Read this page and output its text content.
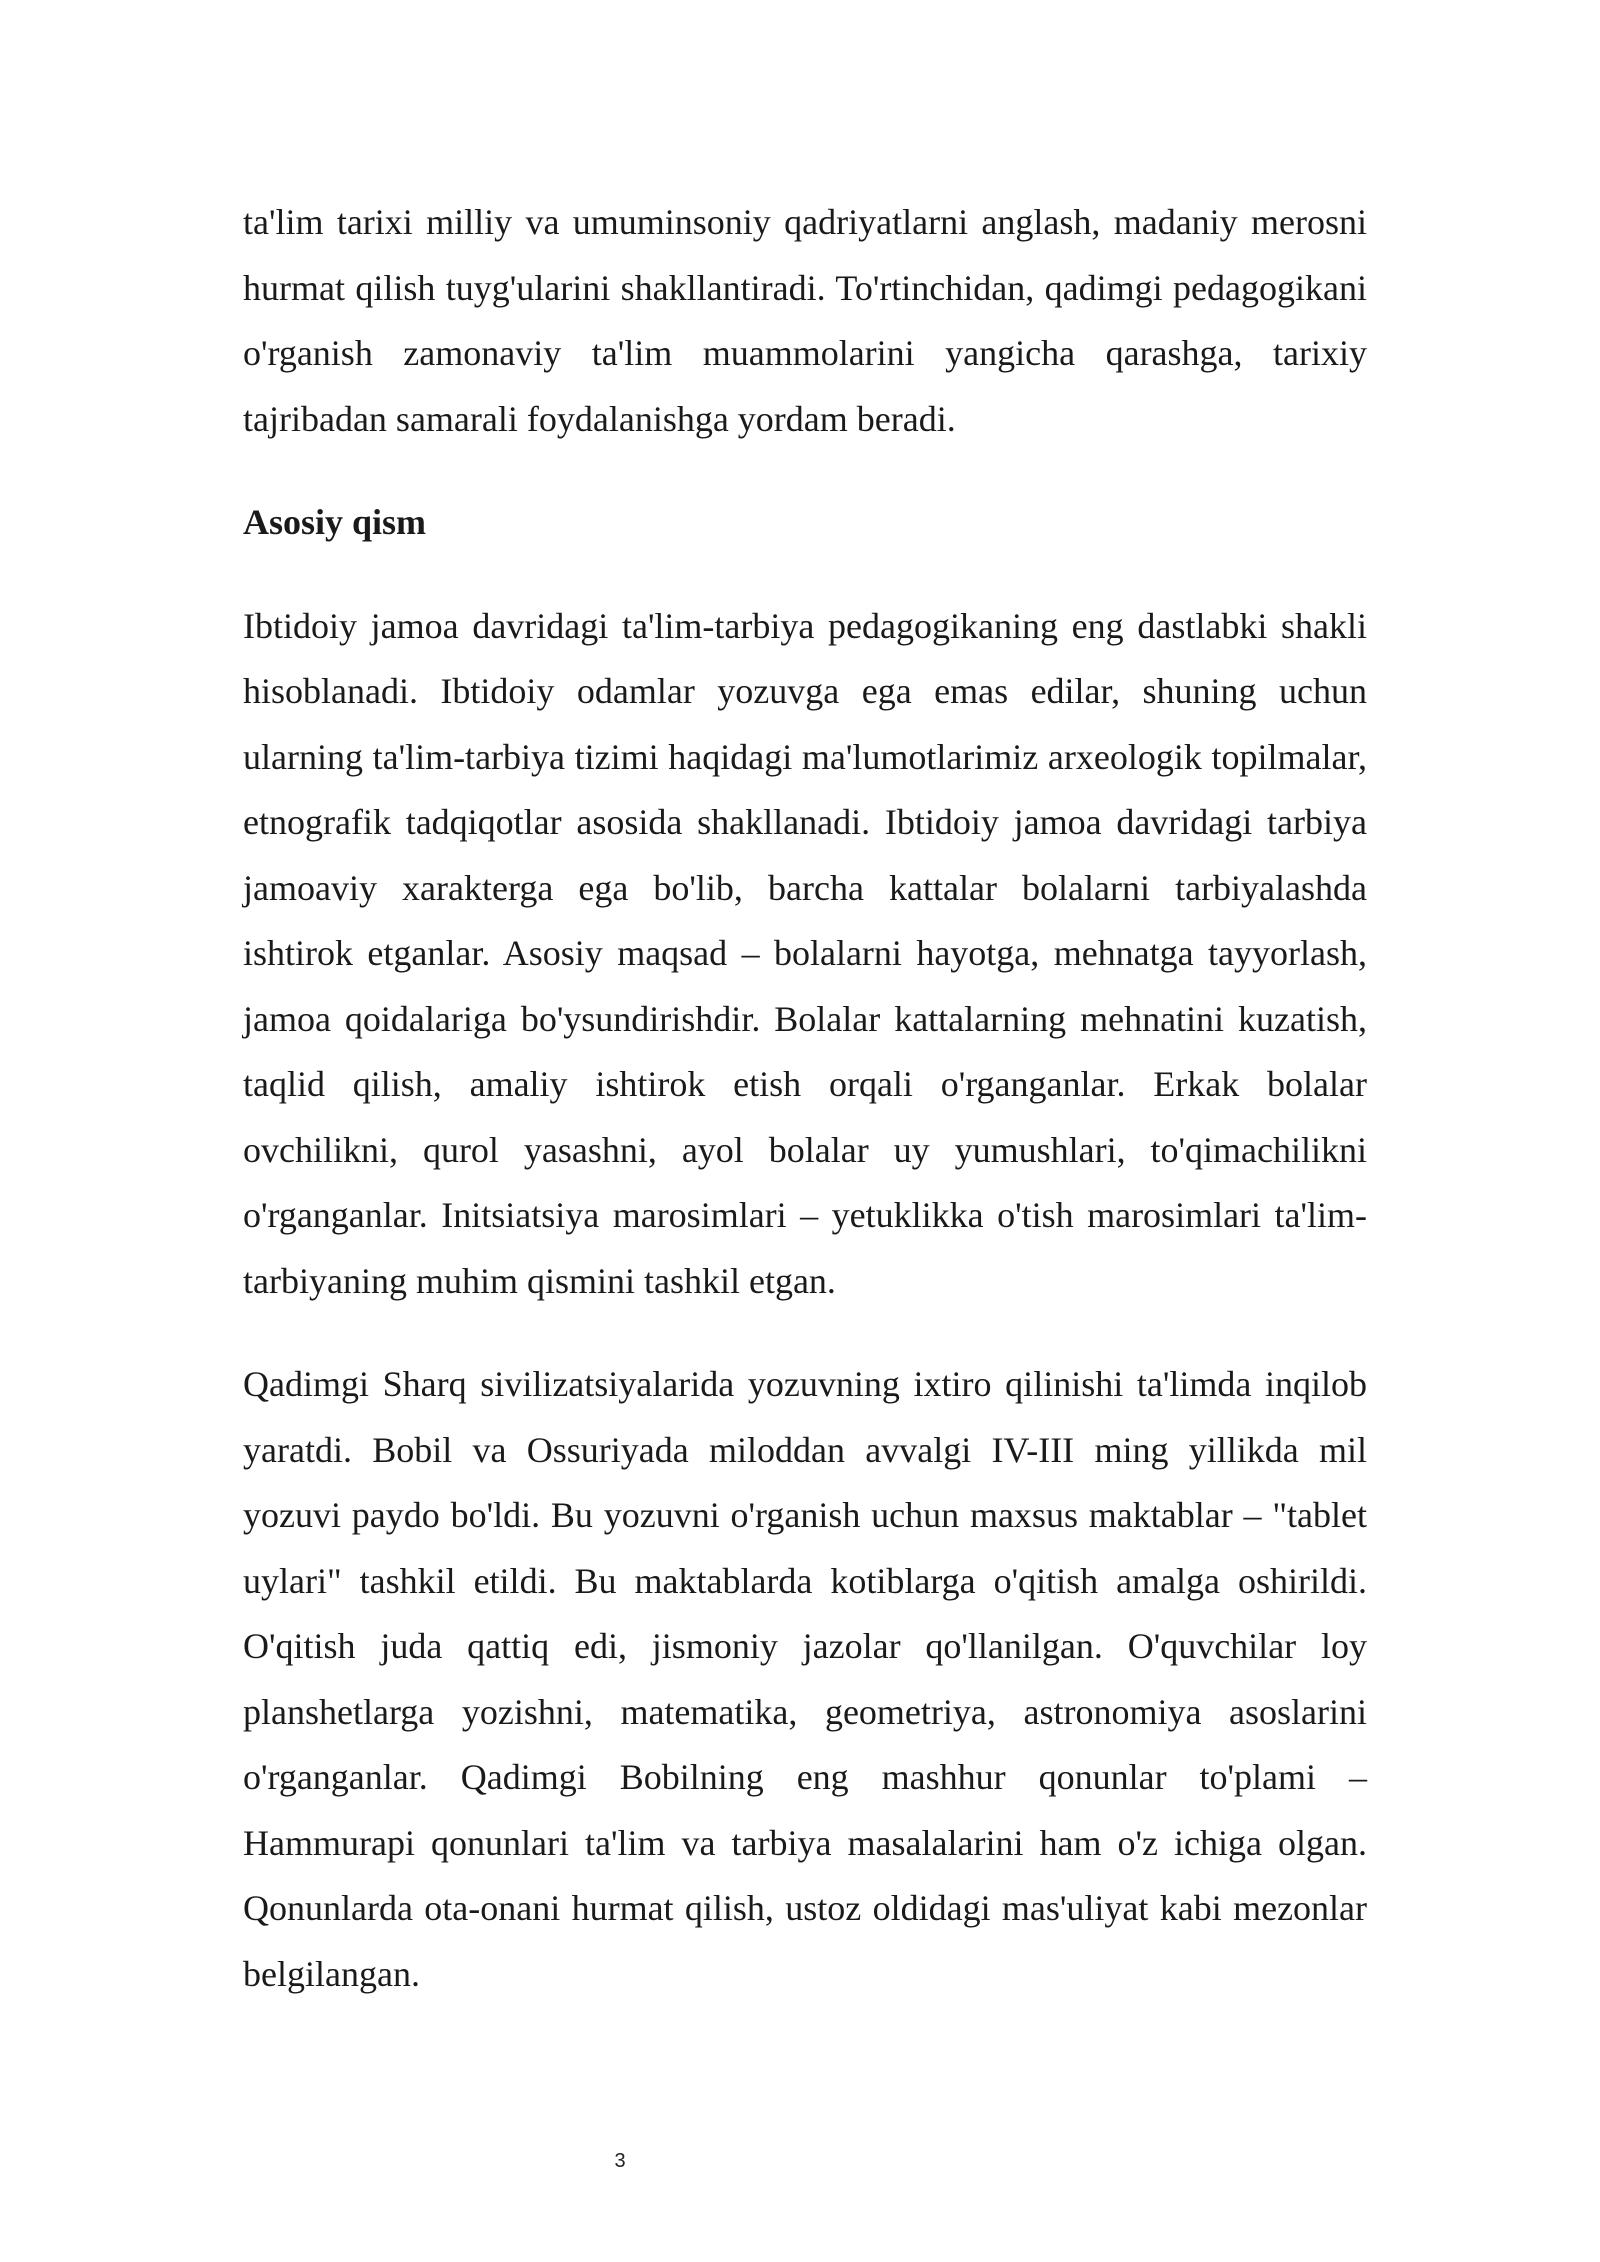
ta'lim tarixi milliy va umuminsoniy qadriyatlarni anglash, madaniy merosni hurmat qilish tuyg'ularini shakllantiradi. To'rtinchidan, qadimgi pedagogikani o'rganish zamonaviy ta'lim muammolarini yangicha qarashga, tarixiy tajribadan samarali foydalanishga yordam beradi.

Asosiy qism

Ibtidoiy jamoa davridagi ta'lim-tarbiya pedagogikaning eng dastlabki shakli hisoblanadi. Ibtidoiy odamlar yozuvga ega emas edilar, shuning uchun ularning ta'lim-tarbiya tizimi haqidagi ma'lumotlarimiz arxeologik topilmalar, etnografik tadqiqotlar asosida shakllanadi. Ibtidoiy jamoa davridagi tarbiya jamoaviy xarakterga ega bo'lib, barcha kattalar bolalarni tarbiyalashda ishtirok etganlar. Asosiy maqsad – bolalarni hayotga, mehnatga tayyorlash, jamoa qoidalariga bo'ysundirishdir. Bolalar kattalarning mehnatini kuzatish, taqlid qilish, amaliy ishtirok etish orqali o'rganganlar. Erkak bolalar ovchilikni, qurol yasashni, ayol bolalar uy yumushlari, to'qimachilikni o'rganganlar. Initsiatsiya marosimlari – yetuklikka o'tish marosimlari ta'lim-tarbiyaning muhim qismini tashkil etgan.

Qadimgi Sharq sivilizatsiyalarida yozuvning ixtiro qilinishi ta'limda inqilob yaratdi. Bobil va Ossuriyada miloddan avvalgi IV-III ming yillikda mil yozuvi paydo bo'ldi. Bu yozuvni o'rganish uchun maxsus maktablar – "tablet uylari" tashkil etildi. Bu maktablarda kotiblarga o'qitish amalga oshirildi. O'qitish juda qattiq edi, jismoniy jazolar qo'llanilgan. O'quvchilar loy planshetlarga yozishni, matematika, geometriya, astronomiya asoslarini o'rganganlar. Qadimgi Bobilning eng mashhur qonunlar to'plami – Hammurapi qonunlari ta'lim va tarbiya masalalarini ham o'z ichiga olgan. Qonunlarda ota-onani hurmat qilish, ustoz oldidagi mas'uliyat kabi mezonlar belgilangan.

3
